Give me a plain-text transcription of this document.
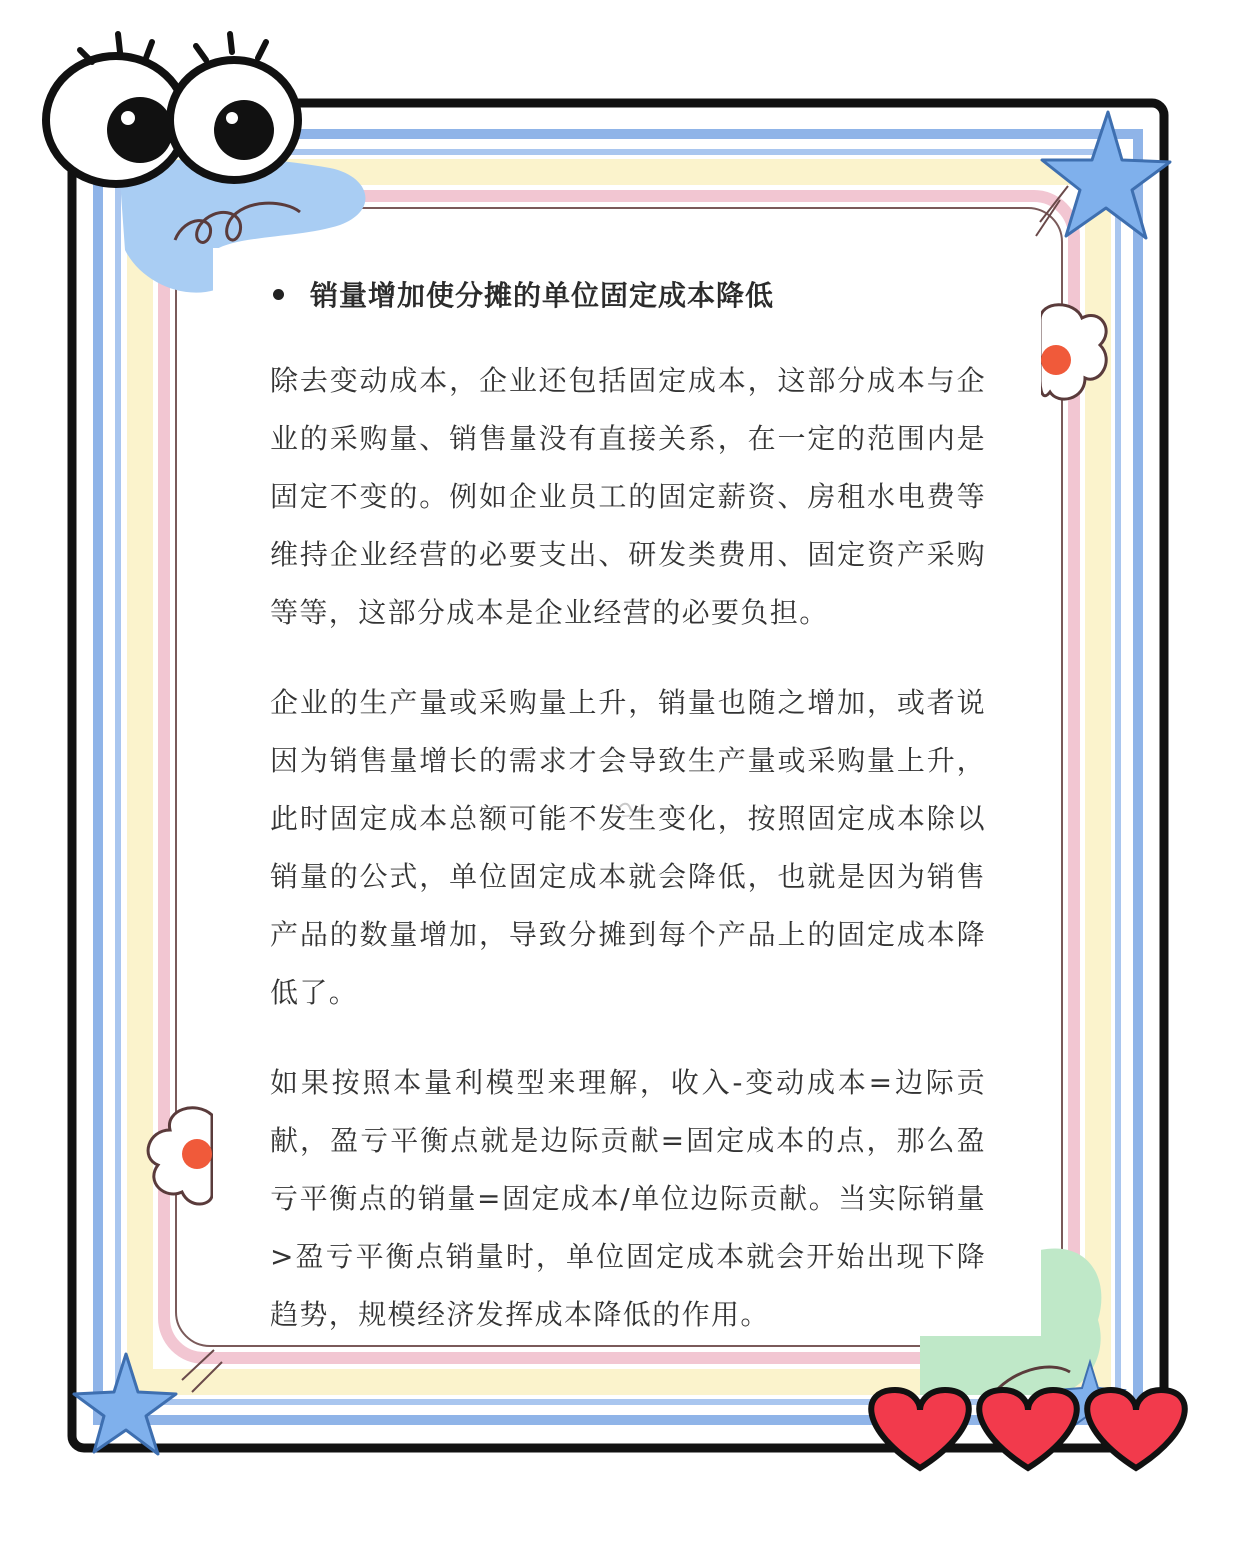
销量增加使分摊的单位固定成本降低

除去变动成本，企业还包括固定成本，这部分成本与企业的采购量、销售量没有直接关系，在一定的范围内是固定不变的。例如企业员工的固定薪资、房租水电费等维持企业经营的必要支出、研发类费用、固定资产采购等等，这部分成本是企业经营的必要负担。

企业的生产量或采购量上升，销量也随之增加，或者说因为销售量增长的需求才会导致生产量或采购量上升，此时固定成本总额可能不发生变化，按照固定成本除以销量的公式，单位固定成本就会降低，也就是因为销售产品的数量增加，导致分摊到每个产品上的固定成本降低了。

如果按照本量利模型来理解，收入-变动成本=边际贡献，盈亏平衡点就是边际贡献=固定成本的点，那么盈亏平衡点的销量=固定成本/单位边际贡献。当实际销量>盈亏平衡点销量时，单位固定成本就会开始出现下降趋势，规模经济发挥成本降低的作用。
